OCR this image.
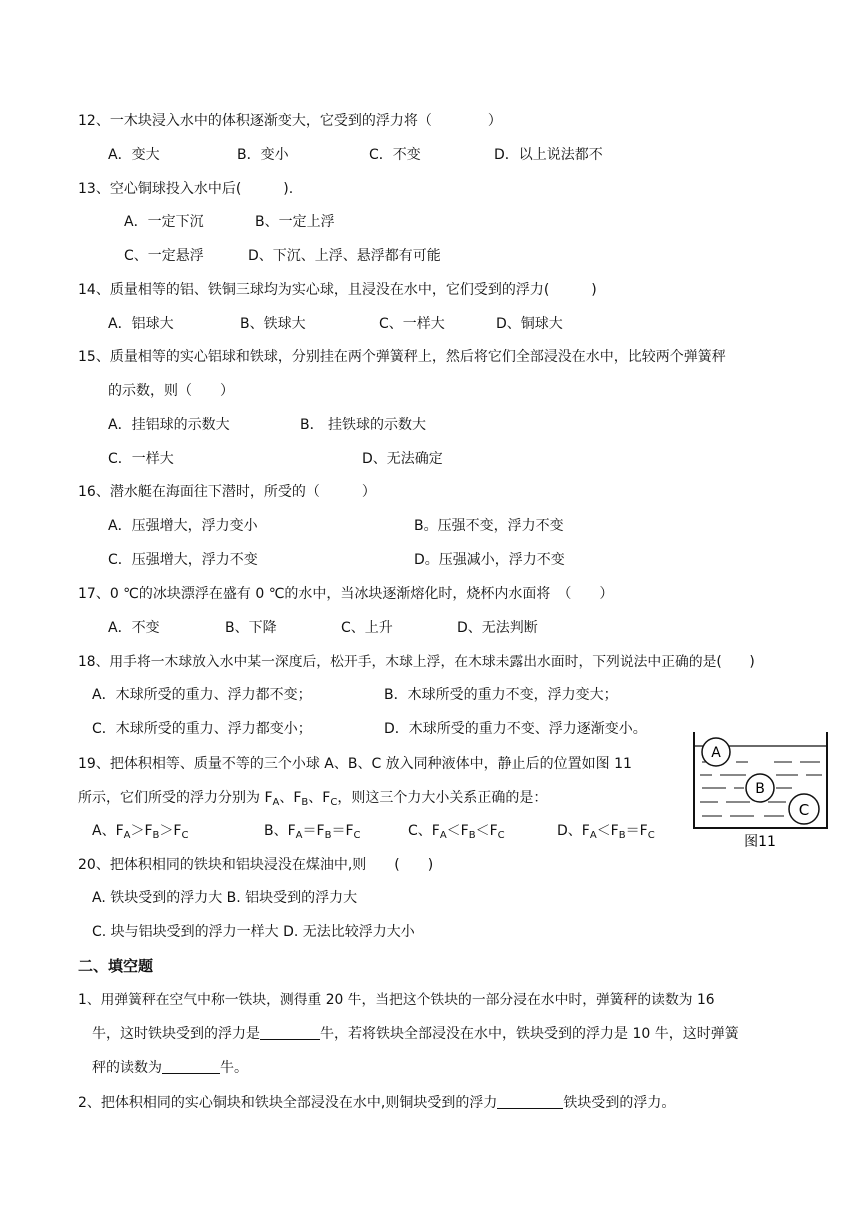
12、一木块浸入水中的体积逐渐变大，它受到的浮力将（　　　　）
A．变大	B．变小	C．不变	D．以上说法都不
13、空心铜球投入水中后(　　　).
A．一定下沉	B、一定上浮
C、一定悬浮	D、下沉、上浮、悬浮都有可能
14、质量相等的铝、铁铜三球均为实心球，且浸没在水中，它们受到的浮力(　　　)
A．铝球大	B、铁球大	C、一样大	D、铜球大
15、质量相等的实心铝球和铁球，分别挂在两个弹簧秤上，然后将它们全部浸没在水中，比较两个弹簧秤
的示数，则（　　）
A．挂铝球的示数大	B． 挂铁球的示数大
C．一样大	D、无法确定
16、潜水艇在海面往下潜时，所受的（　　　）
A．压强增大，浮力变小	B。压强不变，浮力不变
C．压强增大，浮力不变	D。压强减小，浮力不变
17、0 ℃的冰块漂浮在盛有 0 ℃的水中，当冰块逐渐熔化时，烧杯内水面将　（　　）
A．不变	B、下降	C、上升	D、无法判断
18、用手将一木球放入水中某一深度后，松开手，木球上浮，在木球未露出水面时，下列说法中正确的是(　　)
A．木球所受的重力、浮力都不变；	B．木球所受的重力不变，浮力变大；
C．木球所受的重力、浮力都变小；	D．木球所受的重力不变、浮力逐渐变小。
19、把体积相等、质量不等的三个小球 A、B、C 放入同种液体中，静止后的位置如图 11
所示，它们所受的浮力分别为 $F_A$、$F_B$、$F_C$，则这三个力大小关系正确的是：
A、$F_A>F_B>F_C$	B、$F_A=F_B=F_C$	C、$F_A<F_B<F_C$	D、$F_A<F_B=F_C$
A
B
C
图11
20、把体积相同的铁块和铝块浸没在煤油中,则　　(　　)
A. 铁块受到的浮力大 B. 铝块受到的浮力大
C. 块与铝块受到的浮力一样大 D. 无法比较浮力大小
二、填空题
1、用弹簧秤在空气中称一铁块，测得重 20 牛，当把这个铁块的一部分浸在水中时，弹簧秤的读数为 16
牛，这时铁块受到的浮力是	牛，若将铁块全部浸没在水中，铁块受到的浮力是 10 牛，这时弹簧
秤的读数为	牛。
2、把体积相同的实心铜块和铁块全部浸没在水中,则铜块受到的浮力	铁块受到的浮力。
